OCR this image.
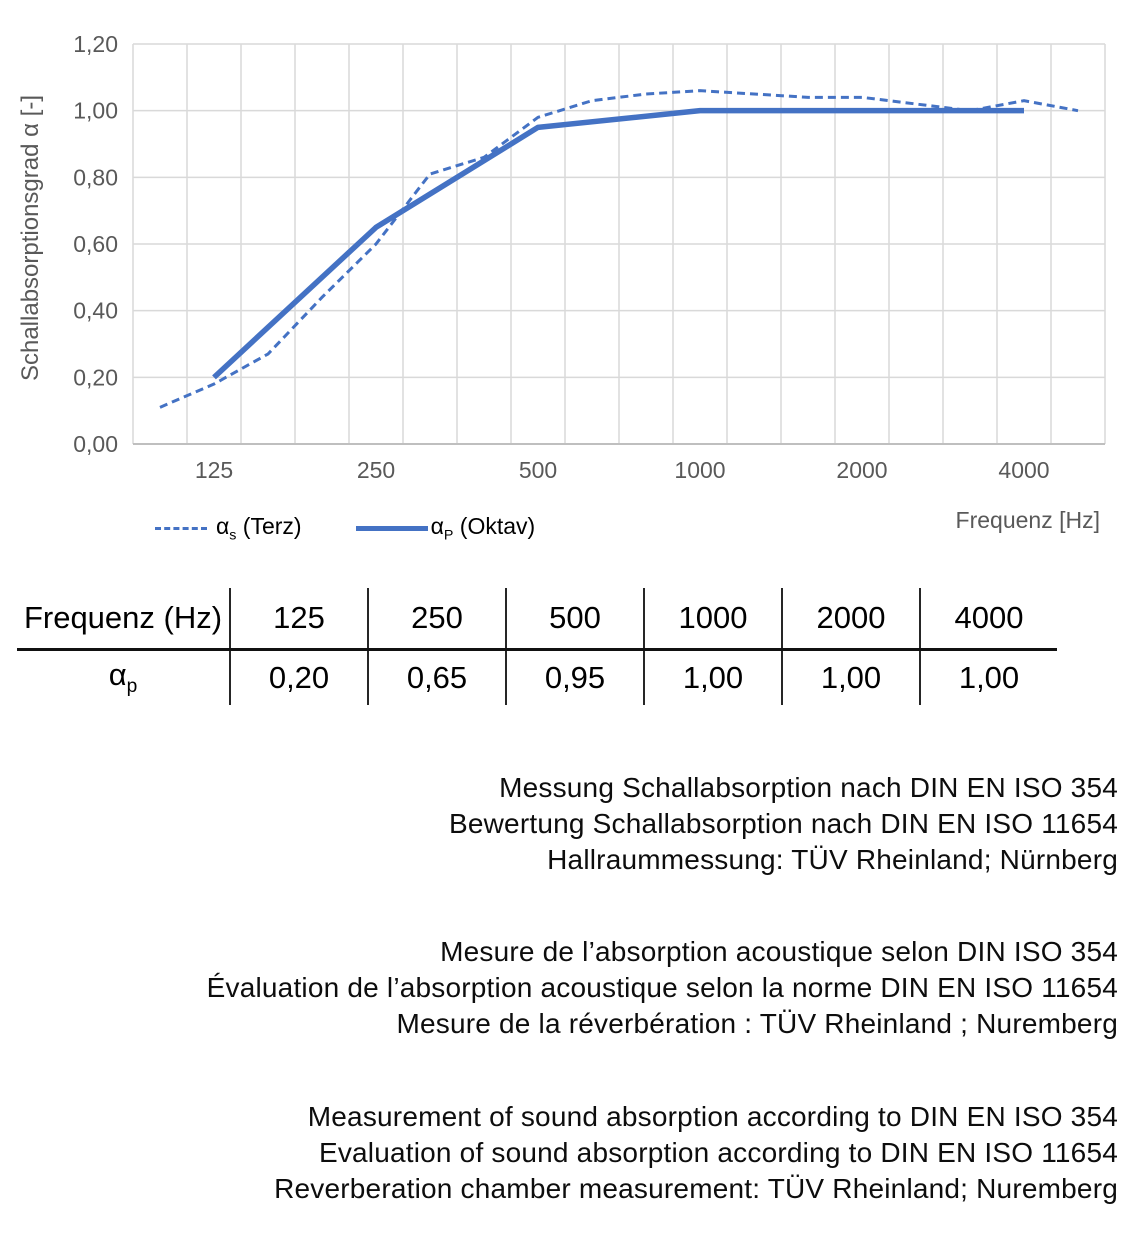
Schallabsorptionsgrad α [-]
0,00
0,20
0,40
0,60
0,80
1,00
1,20
125	250	500	1000	2000	4000
$\alpha_s$ (Terz)	$\alpha_P$ (Oktav)	Frequenz [Hz]
Frequenz (Hz)	125	250	500	1000	2000	4000
$\alpha_p$	0,20	0,65	0,95	1,00	1,00	1,00
Messung Schallabsorption nach DIN EN ISO 354
Bewertung Schallabsorption nach DIN EN ISO 11654
Hallraummessung: TÜV Rheinland; Nürnberg
Mesure de l’absorption acoustique selon DIN ISO 354
Évaluation de l’absorption acoustique selon la norme DIN EN ISO 11654
Mesure de la réverbération : TÜV Rheinland ; Nuremberg
Measurement of sound absorption according to DIN EN ISO 354
Evaluation of sound absorption according to DIN EN ISO 11654
Reverberation chamber measurement: TÜV Rheinland; Nuremberg
